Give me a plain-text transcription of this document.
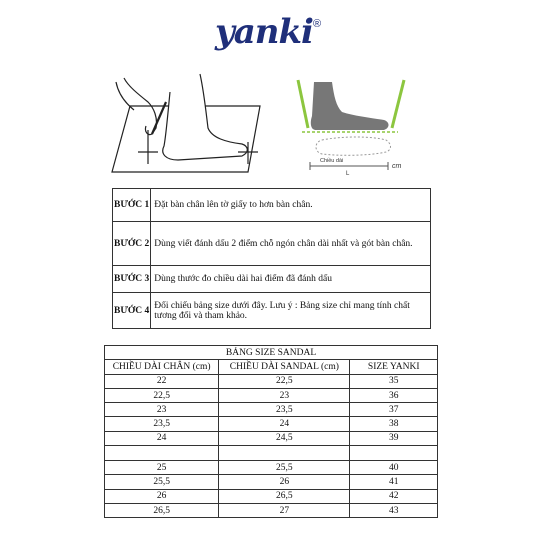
yanki®
Chiều dài
L
cm
BƯỚC 1	Đặt bàn chân lên tờ giấy to hơn bàn chân.
BƯỚC 2	Dùng viết đánh dấu 2 điểm chỗ ngón chân dài nhất và gót bàn chân.
BƯỚC 3	Dùng thước đo chiều dài hai điểm đã đánh dấu
BƯỚC 4	Đối chiếu bảng size dưới đây. Lưu ý : Bảng size chỉ mang tính chất tương đối và tham khảo.
BẢNG SIZE SANDAL		
CHIỀU DÀI CHÂN (cm)	CHIỀU DÀI SANDAL (cm)	SIZE YANKI
22	22,5	35
22,5	23	36
23	23,5	37
23,5	24	38
24	24,5	39

25	25,5	40
25,5	26	41
26	26,5	42
26,5	27	43
